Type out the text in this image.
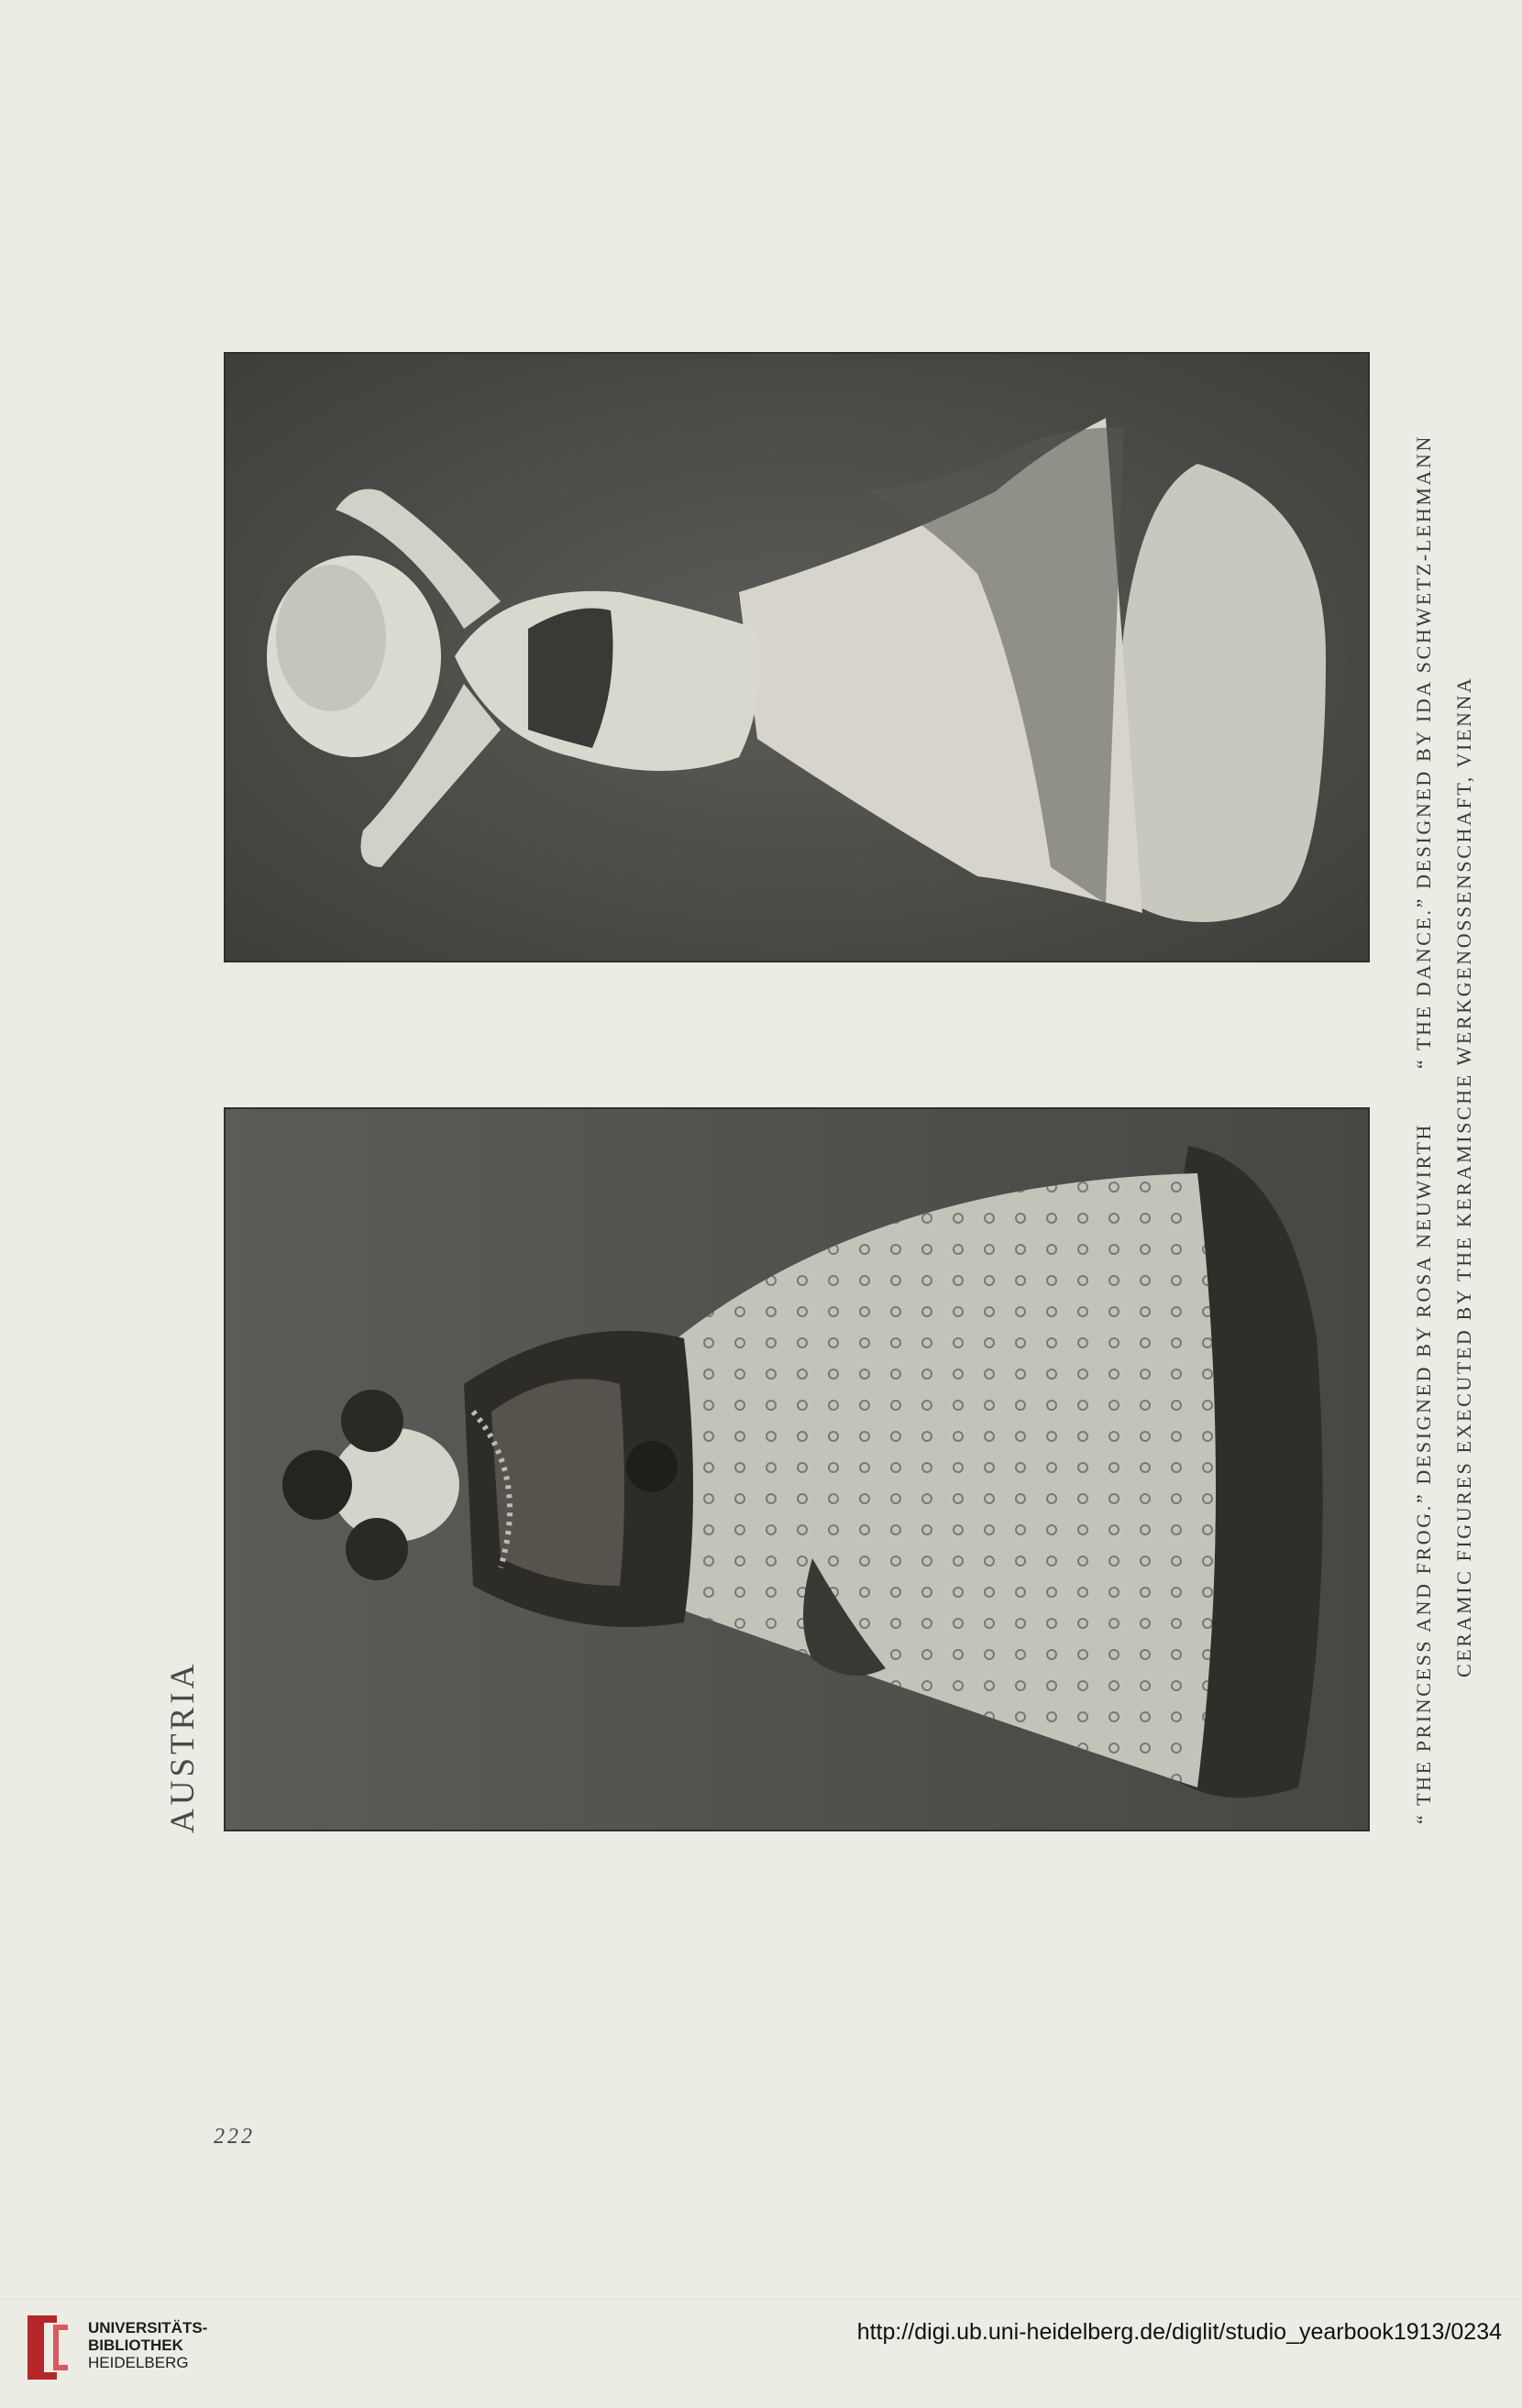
AUSTRIA	“ THE PRINCESS AND FROG.” DESIGNED BY ROSA NEUWIRTH
“ THE DANCE.” DESIGNED BY IDA SCHWETZ-LEHMANN CERAMIC FIGURES EXECUTED BY THE KERAMISCHE WERKGENOSSENSCHAFT, VIENNA
222
UNIVERSITÄTS-
BIBLIOTHEK
HEIDELBERG
http://digi.ub.uni-heidelberg.de/diglit/studio_yearbook1913/0234
